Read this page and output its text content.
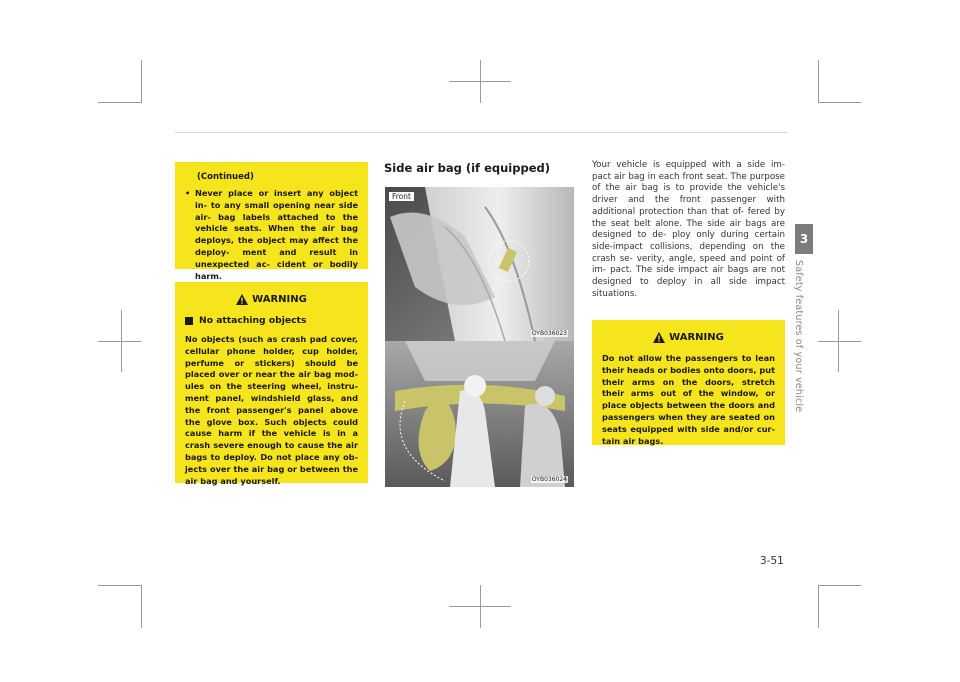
(Continued)

• Never place or insert any object in- to any small opening near side air- bag labels attached to the vehicle seats. When the air bag deploys, the object may affect the deploy- ment and result in unexpected ac- cident or bodily harm.

WARNING
No attaching objects

No objects (such as crash pad cover, cellular phone holder, cup holder, perfume or stickers) should be placed over or near the air bag mod- ules on the steering wheel, instru- ment panel, windshield glass, and the front passenger's panel above the glove box. Such objects could cause harm if the vehicle is in a crash severe enough to cause the air bags to deploy. Do not place any ob- jects over the air bag or between the air bag and yourself.

Side air bag (if equipped)
Front
OYB036023
OYB036024

Your vehicle is equipped with a side im- pact air bag in each front seat. The purpose of the air bag is to provide the vehicle's driver and the front passenger with additional protection than that of- fered by the seat belt alone. The side air bags are designed to de- ploy only during certain side-impact collisions, depending on the crash se- verity, angle, speed and point of im- pact. The side impact air bags are not designed to deploy in all side impact situations.

WARNING

Do not allow the passengers to lean their heads or bodies onto doors, put their arms on the doors, stretch their arms out of the window, or place objects between the doors and passengers when they are seated on seats equipped with side and/or cur- tain air bags.

3
Safety features of your vehicle
3-51
